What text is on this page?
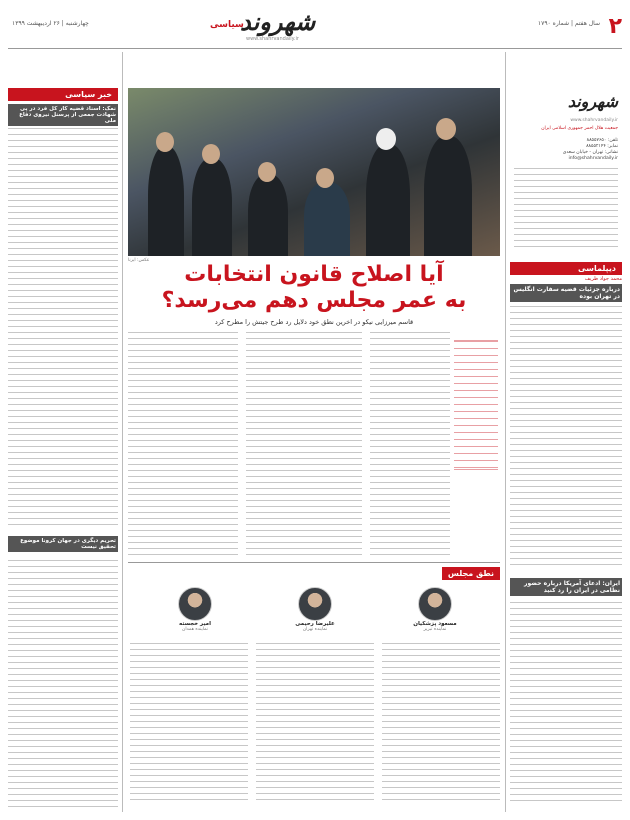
۲
سال هفتم | شماره ۱۷۹۰
شهروند
سیاسی
www.shahrvandaily.ir
چهارشنبه | ۲۶ اردیبهشت ۱۳۹۹
شهروند
www.shahrvandaily.ir
جمعیت هلال احمر جمهوری اسلامی ایران
تلفن: ۸۸۵۵۷۶۵۰
نمابر: ۸۸۵۵۲۱۴۴
نشانی: تهران - خیابان سعدی
info@shahrvandaily.ir
دیپلماسی
محمد جواد ظریف
درباره جزئیات قضیه سفارت انگلیس در تهران بوده
ایران: ادعای آمریکا درباره حضور نظامی در ایران را رد کنید
عکس: ایرنا
آیا اصلاح قانون انتخابات
به عمر مجلس دهم می‌رسد؟
قاسم میرزایی نیکو در اخرین نطق خود دلایل رد طرح جیتش را مطرح کرد
نطق مجلس
مسعود پزشکیان
نماینده تبریز
علیرضا رحیمی
نماینده تهران
امیر خجسته
نماینده همدان
خبر سیاسی
نمک: اسناد قضیه کار کل فرد در پی شهادت جمعی از پرسنل نیروی دفاع ملی
تحریم دیگری در جهان کرونا موضوع تحقیق نیست
